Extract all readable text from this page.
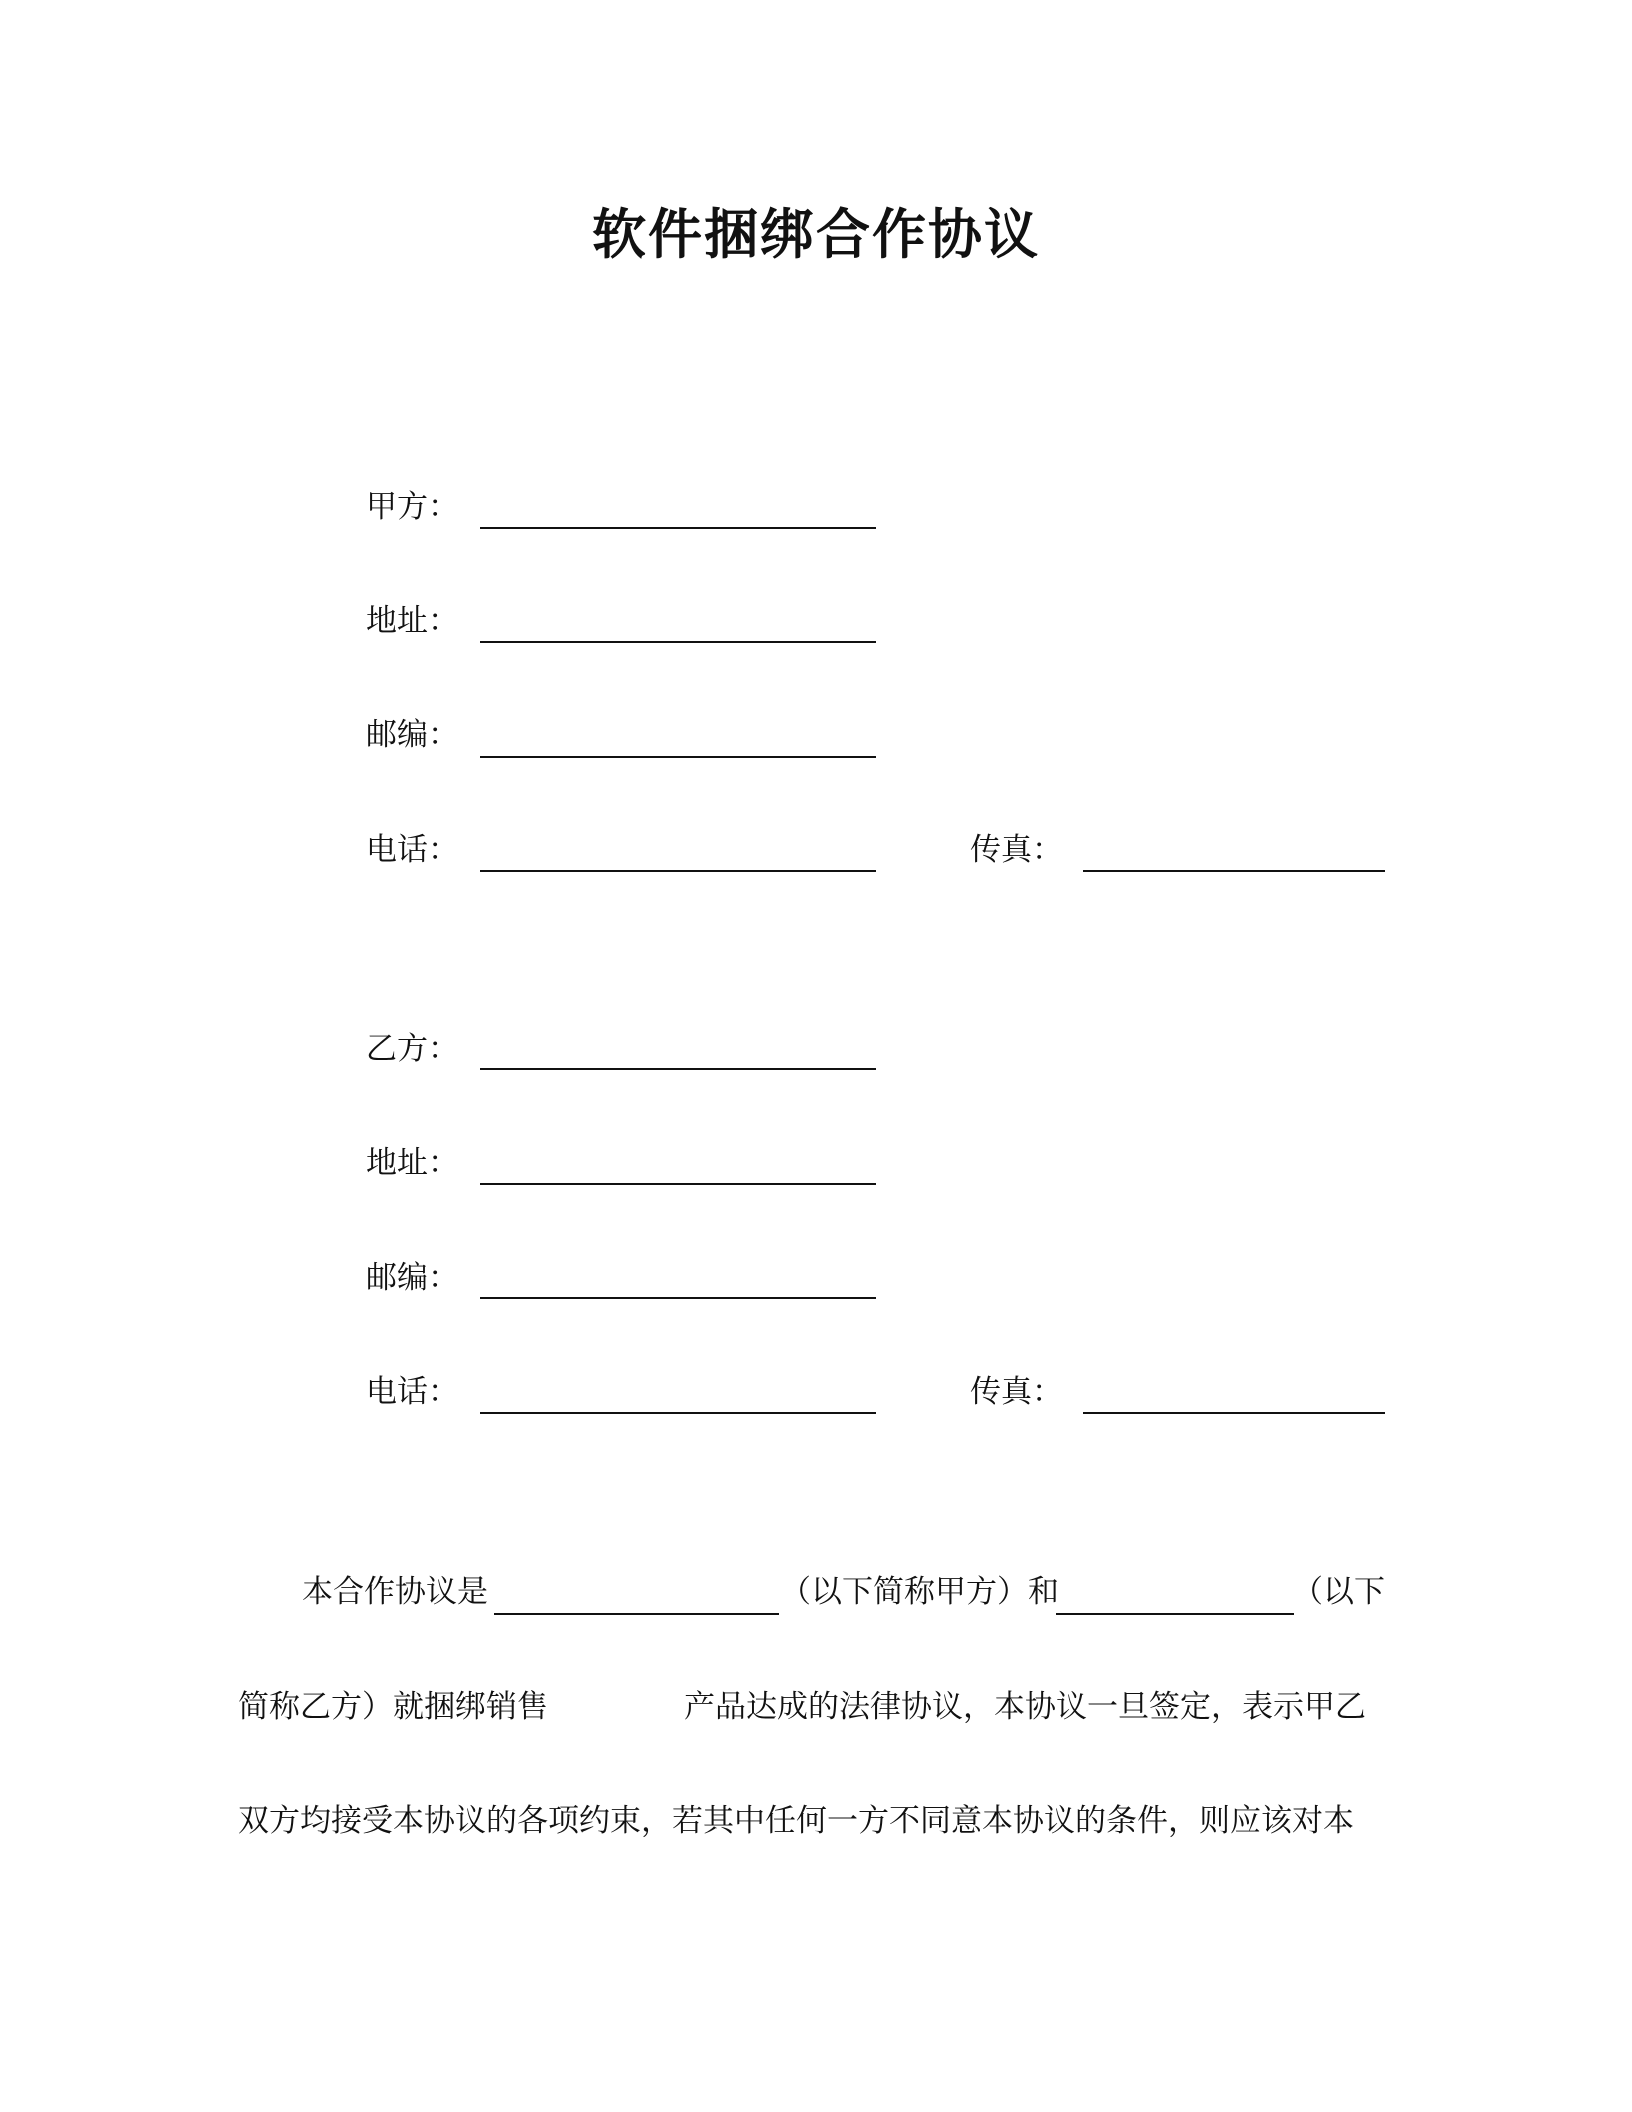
软件捆绑合作协议
甲方：
地址：
邮编：
电话：	传真：
乙方：
地址：
邮编：
电话：	传真：
本合作协议是	（以下简称甲方）和	（以下
简称乙方）就捆绑销售	产品达成的法律协议，本协议一旦签定，表示甲乙
双方均接受本协议的各项约束，若其中任何一方不同意本协议的条件，则应该对本
